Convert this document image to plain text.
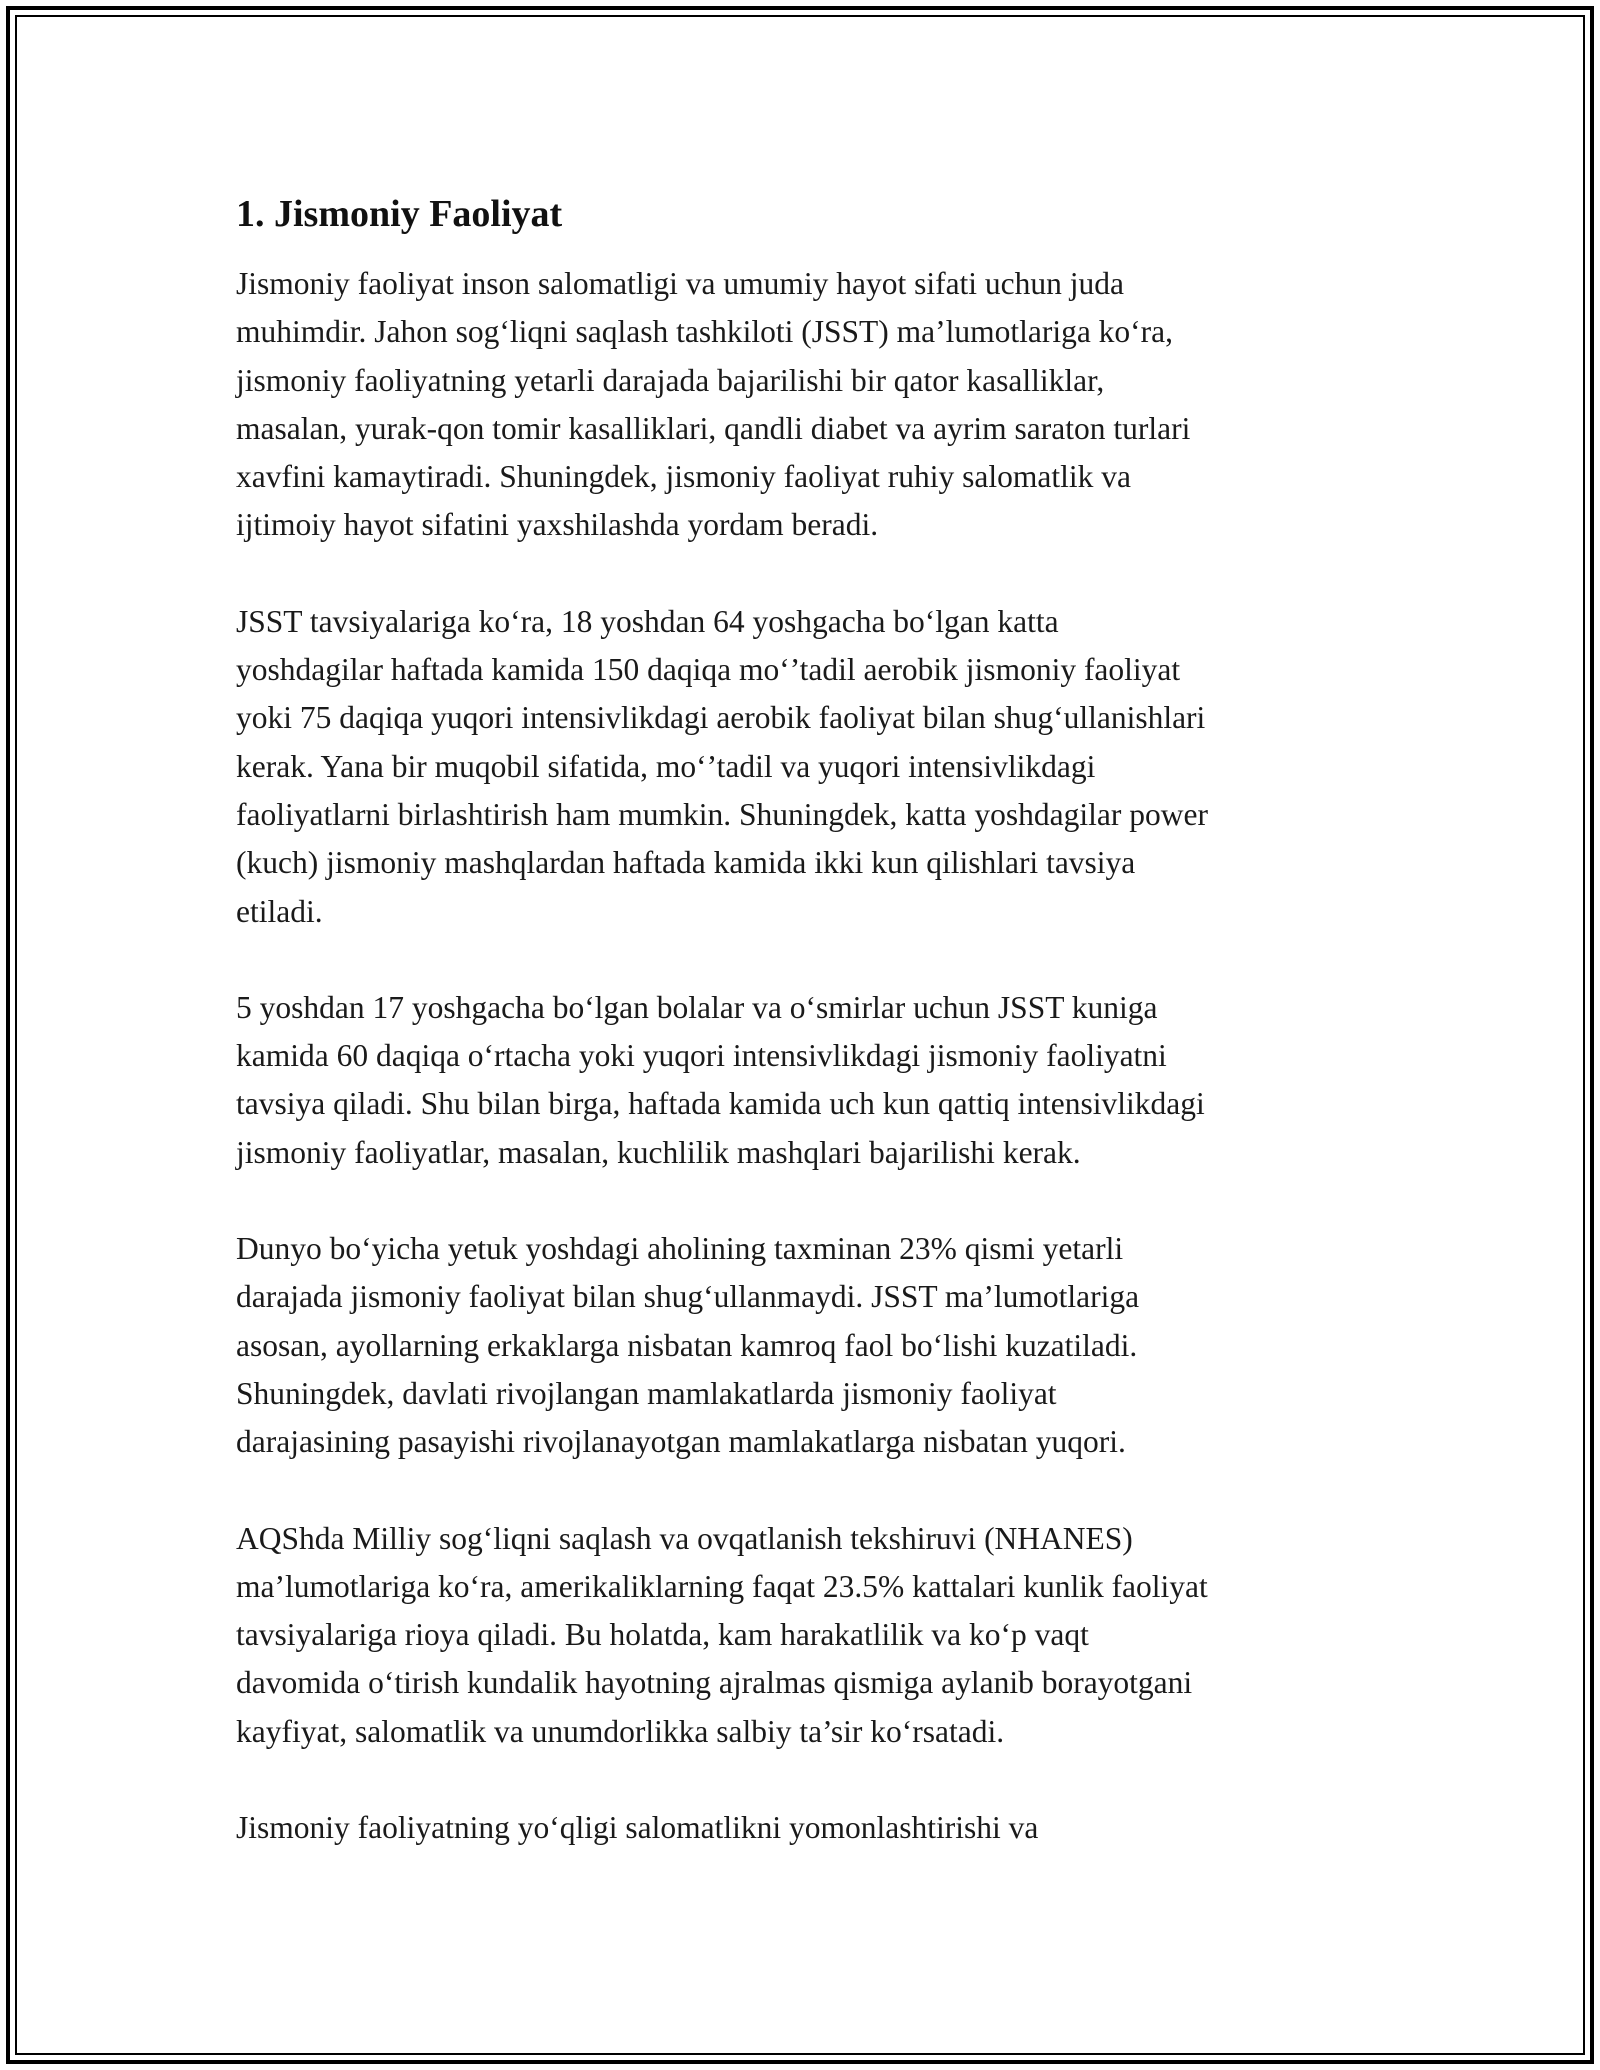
1. Jismoniy Faoliyat

Jismoniy faoliyat inson salomatligi va umumiy hayot sifati uchun juda
muhimdir. Jahon sog‘liqni saqlash tashkiloti (JSST) ma’lumotlariga ko‘ra,
jismoniy faoliyatning yetarli darajada bajarilishi bir qator kasalliklar,
masalan, yurak-qon tomir kasalliklari, qandli diabet va ayrim saraton turlari
xavfini kamaytiradi. Shuningdek, jismoniy faoliyat ruhiy salomatlik va
ijtimoiy hayot sifatini yaxshilashda yordam beradi.

JSST tavsiyalariga ko‘ra, 18 yoshdan 64 yoshgacha bo‘lgan katta
yoshdagilar haftada kamida 150 daqiqa mo‘’tadil aerobik jismoniy faoliyat
yoki 75 daqiqa yuqori intensivlikdagi aerobik faoliyat bilan shug‘ullanishlari
kerak. Yana bir muqobil sifatida, mo‘’tadil va yuqori intensivlikdagi
faoliyatlarni birlashtirish ham mumkin. Shuningdek, katta yoshdagilar power
(kuch) jismoniy mashqlardan haftada kamida ikki kun qilishlari tavsiya
etiladi.

5 yoshdan 17 yoshgacha bo‘lgan bolalar va o‘smirlar uchun JSST kuniga
kamida 60 daqiqa o‘rtacha yoki yuqori intensivlikdagi jismoniy faoliyatni
tavsiya qiladi. Shu bilan birga, haftada kamida uch kun qattiq intensivlikdagi
jismoniy faoliyatlar, masalan, kuchlilik mashqlari bajarilishi kerak.

Dunyo bo‘yicha yetuk yoshdagi aholining taxminan 23% qismi yetarli
darajada jismoniy faoliyat bilan shug‘ullanmaydi. JSST ma’lumotlariga
asosan, ayollarning erkaklarga nisbatan kamroq faol bo‘lishi kuzatiladi.
Shuningdek, davlati rivojlangan mamlakatlarda jismoniy faoliyat
darajasining pasayishi rivojlanayotgan mamlakatlarga nisbatan yuqori.

AQShda Milliy sog‘liqni saqlash va ovqatlanish tekshiruvi (NHANES)
ma’lumotlariga ko‘ra, amerikaliklarning faqat 23.5% kattalari kunlik faoliyat
tavsiyalariga rioya qiladi. Bu holatda, kam harakatlilik va ko‘p vaqt
davomida o‘tirish kundalik hayotning ajralmas qismiga aylanib borayotgani
kayfiyat, salomatlik va unumdorlikka salbiy ta’sir ko‘rsatadi.

Jismoniy faoliyatning yo‘qligi salomatlikni yomonlashtirishi va
